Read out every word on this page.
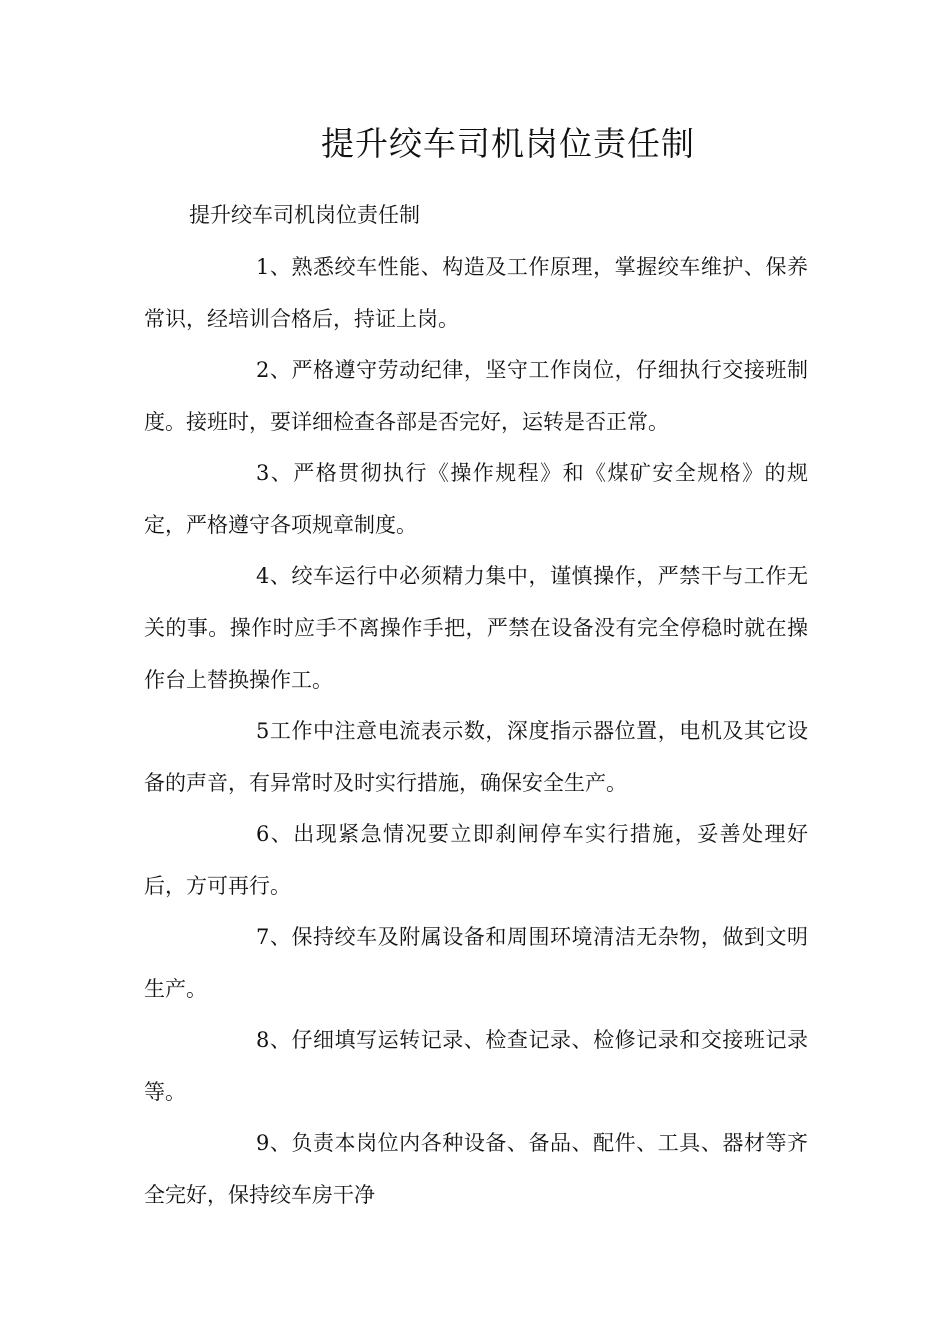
提升绞车司机岗位责任制
提升绞车司机岗位责任制

1、熟悉绞车性能、构造及工作原理，掌握绞车维护、保养常识，经培训合格后，持证上岗。

2、严格遵守劳动纪律，坚守工作岗位，仔细执行交接班制度。接班时，要详细检查各部是否完好，运转是否正常。

3、严格贯彻执行《操作规程》和《煤矿安全规格》的规定，严格遵守各项规章制度。

4、绞车运行中必须精力集中，谨慎操作，严禁干与工作无关的事。操作时应手不离操作手把，严禁在设备没有完全停稳时就在操作台上替换操作工。

5工作中注意电流表示数，深度指示器位置，电机及其它设备的声音，有异常时及时实行措施，确保安全生产。

6、出现紧急情况要立即刹闸停车实行措施，妥善处理好后，方可再行。

7、保持绞车及附属设备和周围环境清洁无杂物，做到文明生产。

8、仔细填写运转记录、检查记录、检修记录和交接班记录等。

9、负责本岗位内各种设备、备品、配件、工具、器材等齐全完好，保持绞车房干净
